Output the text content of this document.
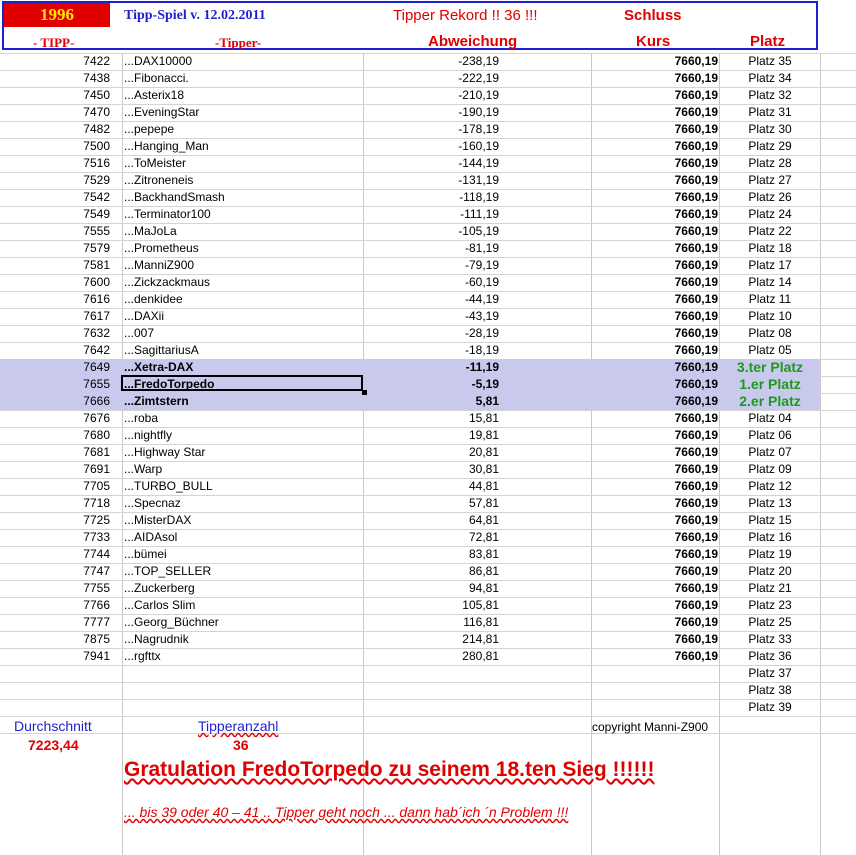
1996	Tipp-Spiel v. 12.02.2011	Tipper Rekord !! 36 !!!	Schluss
- TIPP-	-Tipper-	Abweichung	Kurs	Platz
7422 ...DAX10000	-238,19	7660,19	Platz 35
7438 ...Fibonacci.	-222,19	7660,19	Platz 34
7450 ...Asterix18	-210,19	7660,19	Platz 32
7470 ...EveningStar	-190,19	7660,19	Platz 31
7482 ...pepepe	-178,19	7660,19	Platz 30
7500 ...Hanging_Man	-160,19	7660,19	Platz 29
7516 ...ToMeister	-144,19	7660,19	Platz 28
7529 ...Zitroneneis	-131,19	7660,19	Platz 27
7542 ...BackhandSmash	-118,19	7660,19	Platz 26
7549 ...Terminator100	-111,19	7660,19	Platz 24
7555 ...MaJoLa	-105,19	7660,19	Platz 22
7579 ...Prometheus	-81,19	7660,19	Platz 18
7581 ...ManniZ900	-79,19	7660,19	Platz 17
7600 ...Zickzackmaus	-60,19	7660,19	Platz 14
7616 ...denkidee	-44,19	7660,19	Platz 11
7617 ...DAXii	-43,19	7660,19	Platz 10
7632 ...007	-28,19	7660,19	Platz 08
7642 ...SagittariusA	-18,19	7660,19	Platz 05
7649 ...Xetra-DAX	-11,19	7660,19	3.ter Platz
7655 ...FredoTorpedo	-5,19	7660,19	1.er Platz
7666 ...Zimtstern	5,81	7660,19	2.er Platz
7676 ...roba	15,81	7660,19	Platz 04
7680 ...nightfly	19,81	7660,19	Platz 06
7681 ...Highway Star	20,81	7660,19	Platz 07
7691 ...Warp	30,81	7660,19	Platz 09
7705 ...TURBO_BULL	44,81	7660,19	Platz 12
7718 ...Specnaz	57,81	7660,19	Platz 13
7725 ...MisterDAX	64,81	7660,19	Platz 15
7733 ...AIDAsol	72,81	7660,19	Platz 16
7744 ...bümei	83,81	7660,19	Platz 19
7747 ...TOP_SELLER	86,81	7660,19	Platz 20
7755 ...Zuckerberg	94,81	7660,19	Platz 21
7766 ...Carlos Slim	105,81	7660,19	Platz 23
7777 ...Georg_Büchner	116,81	7660,19	Platz 25
7875 ...Nagrudnik	214,81	7660,19	Platz 33
7941 ...rgfttx	280,81	7660,19	Platz 36
Platz 37
Platz 38
Platz 39
Durchschnitt
7223,44
Tipperanzahl
36
copyright Manni-Z900
Gratulation FredoTorpedo zu seinem 18.ten Sieg !!!!!!
... bis 39 oder 40 – 41 .. Tipper geht noch ... dann hab´ich ´n Problem !!!
